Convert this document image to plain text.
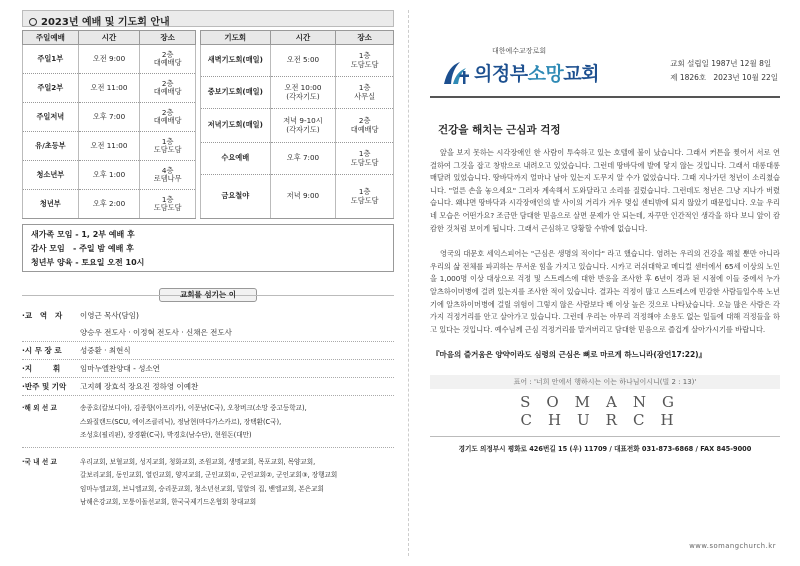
2023년 예배 및 기도회 안내
주일예배	시간	장소
주일1부	오전 9:00	2층
대예배당
주일2부	오전 11:00	2층
대예배당
주일저녁	오후 7:00	2층
대예배당
유/초등부	오전 11:00	1층
도담도담
청소년부	오후 1:00	4층
로뎀나무
청년부	오후 2:00	1층
도담도담
기도회	시간	장소
새벽기도회(매일)	오전 5:00	1층
도담도담
중보기도회(매일)	오전 10:00
(각자기도)	1층
사무실
저녁기도회(매일)	저녁 9-10시
(각자기도)	2층
대예배당
수요예배	오후 7:00	1층
도담도담
금요철야	저녁 9:00	1층
도담도담
새가족 모임 - 1, 2부 예배 후
감사 모임   - 주일 밤 예배 후
청년부 양육 - 토요일 오전 10시
교회를 섬기는 이
·교   역   자	이영근 목사(담임)
양승우 전도사 · 이정혁 전도사 · 신채은 전도사
·시 무 장 로	성중환 · 최현식
·지        휘	임마누엘찬양대 - 성소연
·반주 및 기악	고지혜 장효석 장요진 정하영 이예찬
·해 외 선 교	송종호(칼보디아), 김종향(아프리카), 이문남(C국), 오창버크(소망 중고등학교),
스와질랜드(SCU, 에이즈클리닉), 정남현(마다가스카르), 장택환(C국),
조성호(필리핀), 장경환(C국), 박경호(남수단), 현원돈(대만)
·국 내 선 교	우리교회, 보혈교회, 성지교회, 청화교회, 조원교회, 생명교회, 목포교회, 목양교회,
갈보리교회, 동인교회, 열린교회, 양지교회, 군인교회①, 군인교회②, 군인교회③, 장행교회
임마누엘교회, 브니엘교회, 승리문교회, 청소년선교회, 밀알의 집, 밴엘교회, 본은교회
남해은강교회, 모퉁이돌선교회, 한국국제기드온협회 창대교회
대한예수교장로회
의정부소망교회	교회 설립일 1987년 12월 8일
제 1826호   2023년 10월 22일
건강을 해치는 근심과 걱정

앞을 보지 못하는 시각장애인 한 사람이 투숙하고 있는 호텔에 불이 났습니다. 그래서 커튼을 찢어서 서로 연결하여 그것을 잡고 창밖으로 내려오고 있었습니다. 그런데 땅바닥에 발에 닿지 않는 것입니다. 그래서 대롱대롱 매달려 있었습니다. 땅바닥까지 얼마나 남아 있는지 도무지 알 수가 없었습니다. 그때 지나가던 청년이 소리쳤습니다. "얼른 손을 놓으세요" 그러자 계속해서 도와달라고 소리를 질렀습니다. 그런데도 청년은 그냥 지나가 버렸습니다. 왜냐면 땅바닥과 시각장애인의 발 사이의 거리가 겨우 몇십 센티밖에 되지 않았기 때문입니다. 오늘 우리네 모습은 어떤가요? 조금만 담대한 믿음으로 살면 문제가 안 되는데, 자꾸만 인간적인 생각을 하다 보니 앞이 캄캄한 것처럼 보이게 됩니다. 그래서 근심하고 당황할 수밖에 없습니다.

영국의 대문호 세익스피어는 "근심은 생명의 적이다" 라고 했습니다. 염려는 우리의 건강을 해칠 뿐만 아니라 우리의 삶 전체를 파괴하는 무서운 힘을 가지고 있습니다. 시카고 러쉬대학교 메디컬 센터에서 65세 이상의 노인을 1,000명 이상 대상으로 걱정 및 스트레스에 대한 반응을 조사한 후 6년이 경과 된 시점에 이들 중에서 누가 알츠하이머병에 걸려 있는지를 조사한 적이 있습니다. 결과는 걱정이 많고 스트레스에 민감한 사람들일수록 노년기에 알츠하이머병에 걸릴 위험이 그렇지 않은 사람보다 배 이상 높은 것으로 나타났습니다. 오늘 많은 사람은 각가지 걱정거리를 안고 살아가고 있습니다. 그런데 우리는 아무리 걱정해야 소용도 없는 일들에 대해 걱정들을 하고 있다는 것입니다. 예수님께 근심 걱정거리를 맡겨버리고 담대한 믿음으로 즐겁게 살아가시기를 바랍니다.

『마음의 즐거움은 양약이라도 심령의 근심은 뼈로 마르게 하느니라(잠언17:22)』
표어 : '너희 안에서 행하시는 이는 하나님이시니(빌 2 : 13)'
SOMANG CHURCH
경기도 의정부시 평화로 426번길 15 (우) 11709 / 대표전화 031-873-6868 / FAX 845-9000
www.somangchurch.kr
